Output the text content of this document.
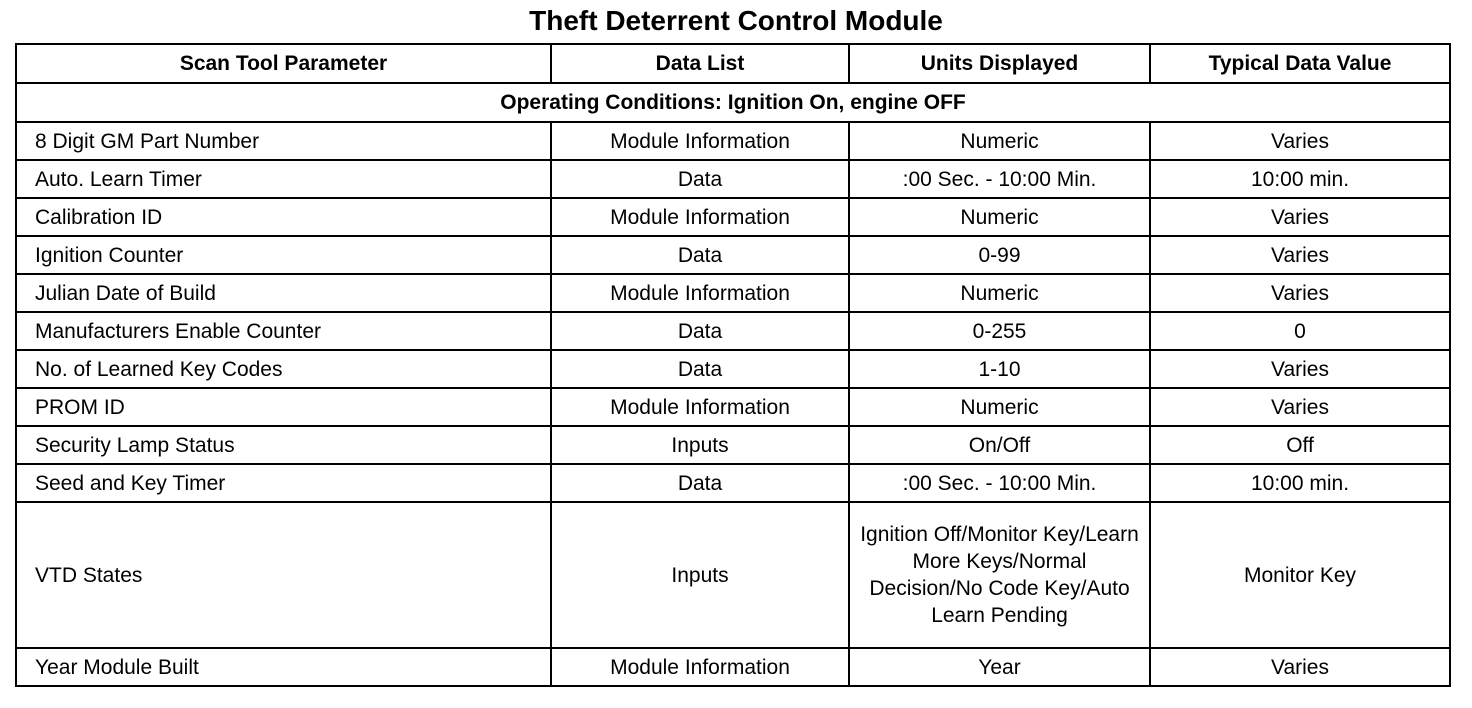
Theft Deterrent Control Module
Scan Tool Parameter	Data List	Units Displayed	Typical Data Value
Operating Conditions: Ignition On, engine OFF			
8 Digit GM Part Number	Module Information	Numeric	Varies
Auto. Learn Timer	Data	:00 Sec. - 10:00 Min.	10:00 min.
Calibration ID	Module Information	Numeric	Varies
Ignition Counter	Data	0-99	Varies
Julian Date of Build	Module Information	Numeric	Varies
Manufacturers Enable Counter	Data	0-255	0
No. of Learned Key Codes	Data	1-10	Varies
PROM ID	Module Information	Numeric	Varies
Security Lamp Status	Inputs	On/Off	Off
Seed and Key Timer	Data	:00 Sec. - 10:00 Min.	10:00 min.
VTD States	Inputs	Ignition Off/Monitor Key/Learn More Keys/Normal Decision/No Code Key/Auto Learn Pending	Monitor Key
Year Module Built	Module Information	Year	Varies
